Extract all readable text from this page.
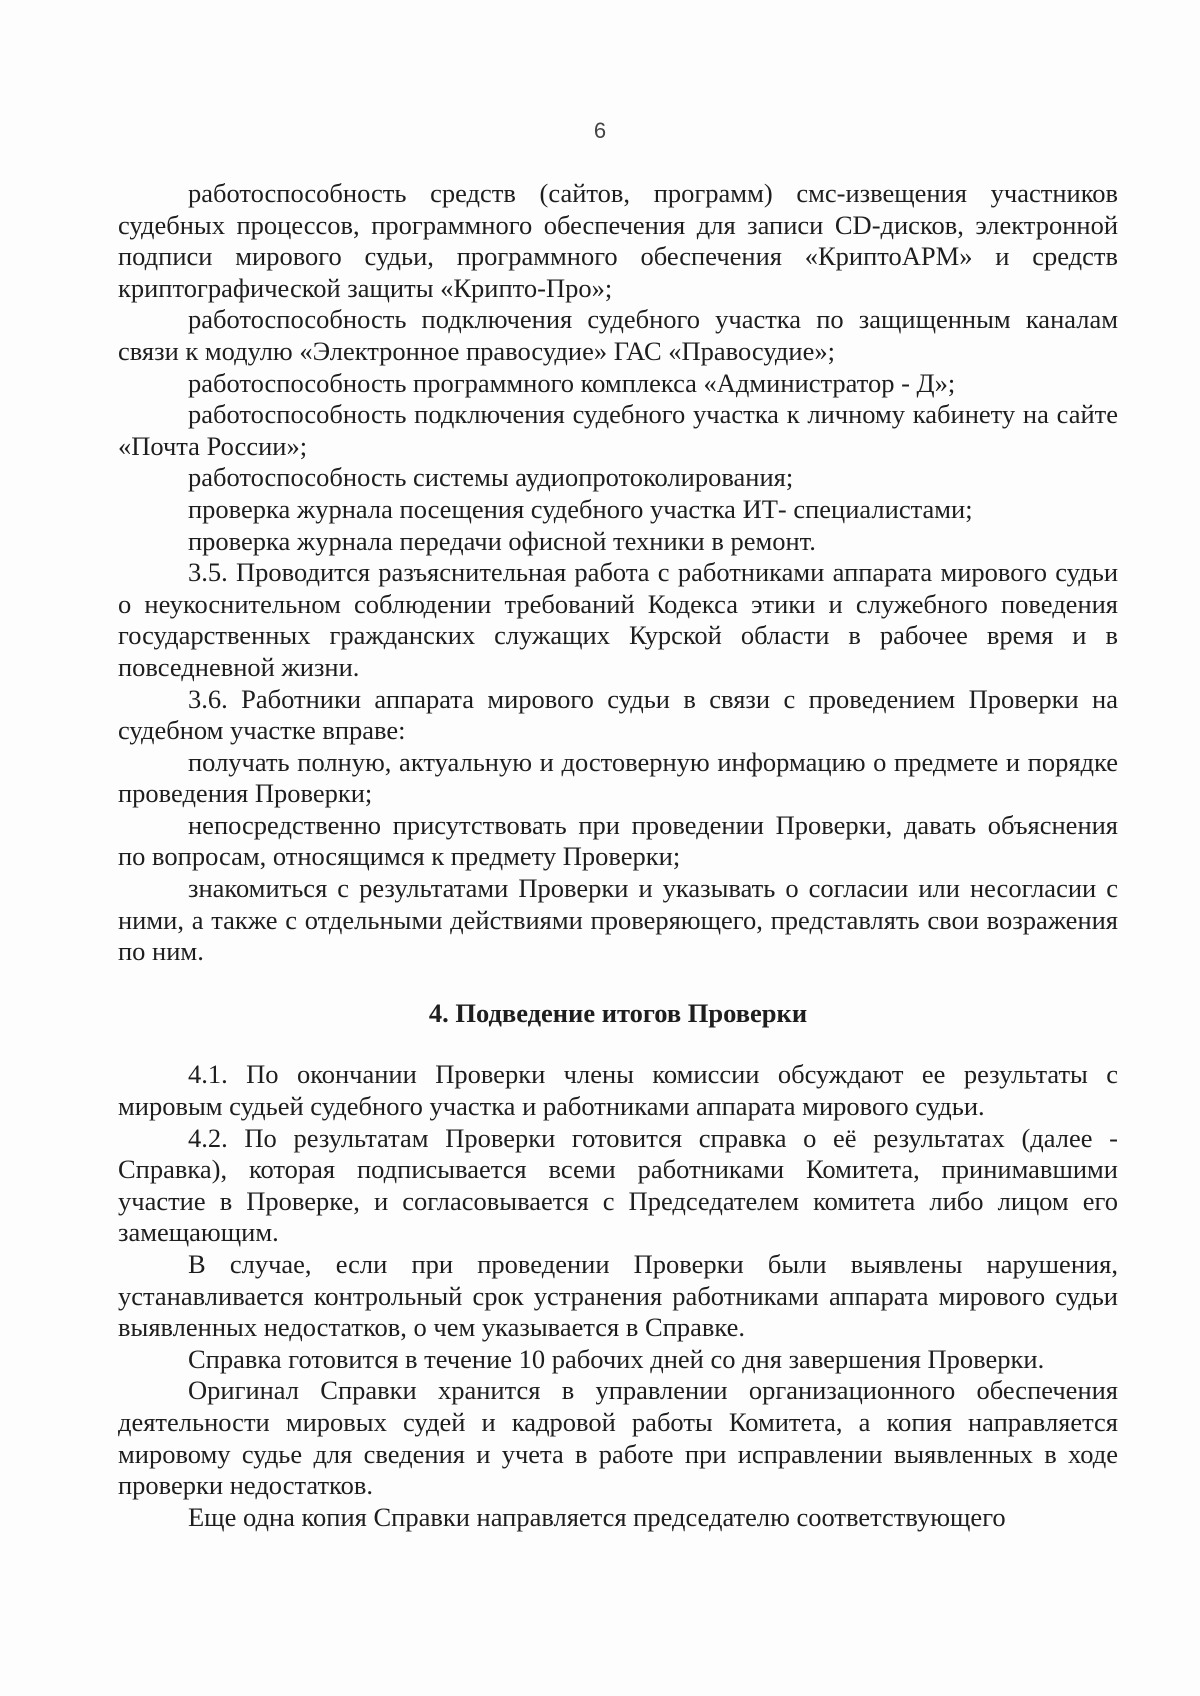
6

работоспособность средств (сайтов, программ) смс-извещения участников судебных процессов, программного обеспечения для записи CD-дисков, электронной подписи мирового судьи, программного обеспечения «КриптоАРМ» и средств криптографической защиты «Крипто-Про»;

работоспособность подключения судебного участка по защищенным каналам связи к модулю «Электронное правосудие» ГАС «Правосудие»;

работоспособность программного комплекса «Администратор - Д»;

работоспособность подключения судебного участка к личному кабинету на сайте «Почта России»;

работоспособность системы аудиопротоколирования;

проверка журнала посещения судебного участка ИТ- специалистами;

проверка журнала передачи офисной техники в ремонт.

3.5. Проводится разъяснительная работа с работниками аппарата мирового судьи о неукоснительном соблюдении требований Кодекса этики и служебного поведения государственных гражданских служащих Курской области в рабочее время и в повседневной жизни.

3.6. Работники аппарата мирового судьи в связи с проведением Проверки на судебном участке вправе:

получать полную, актуальную и достоверную информацию о предмете и порядке проведения Проверки;

непосредственно присутствовать при проведении Проверки, давать объяснения по вопросам, относящимся к предмету Проверки;

знакомиться с результатами Проверки и указывать о согласии или несогласии с ними, а также с отдельными действиями проверяющего, представлять свои возражения по ним.

4. Подведение итогов Проверки

4.1. По окончании Проверки члены комиссии обсуждают ее результаты с мировым судьей судебного участка и работниками аппарата мирового судьи.

4.2. По результатам Проверки готовится справка о её результатах (далее - Справка), которая подписывается всеми работниками Комитета, принимавшими участие в Проверке, и согласовывается с Председателем комитета либо лицом его замещающим.

В случае, если при проведении Проверки были выявлены нарушения, устанавливается контрольный срок устранения работниками аппарата мирового судьи выявленных недостатков, о чем указывается в Справке.

Справка готовится в течение 10 рабочих дней со дня завершения Проверки.

Оригинал Справки хранится в управлении организационного обеспечения деятельности мировых судей и кадровой работы Комитета, а копия направляется мировому судье для сведения и учета в работе при исправлении выявленных в ходе проверки недостатков.

Еще одна копия Справки направляется председателю соответствующего
